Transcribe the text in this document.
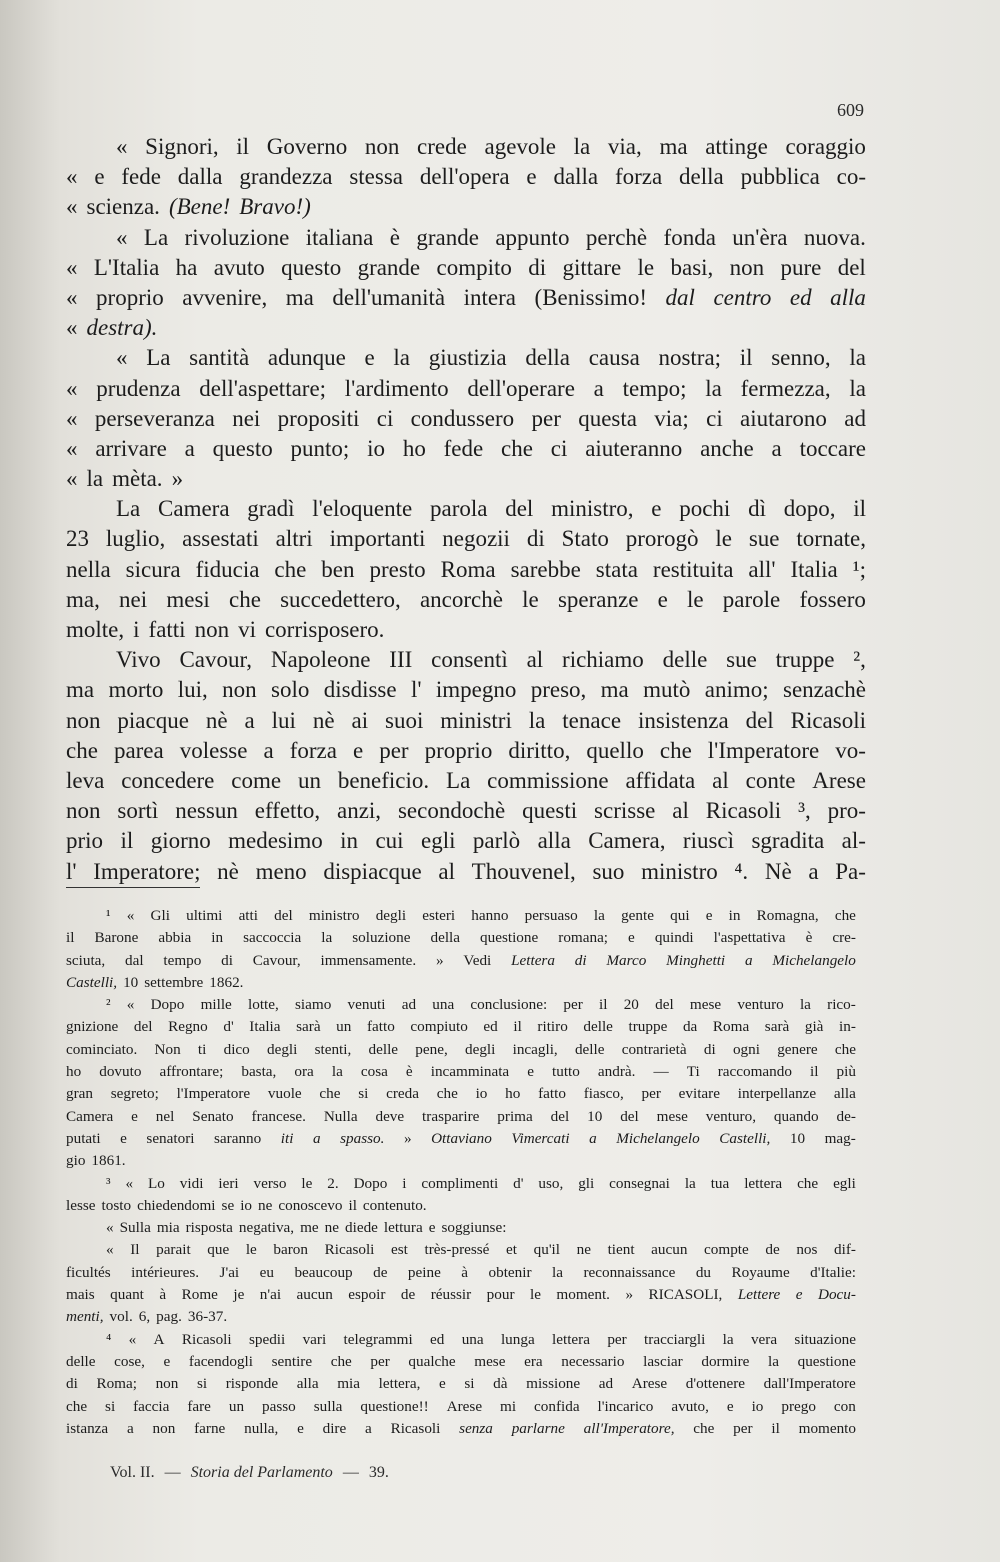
609
« Signori, il Governo non crede agevole la via, ma attinge coraggio
« e fede dalla grandezza stessa dell'opera e dalla forza della pubblica co-
« scienza. (Bene! Bravo!)
« La rivoluzione italiana è grande appunto perchè fonda un'èra nuova.
« L'Italia ha avuto questo grande compito di gittare le basi, non pure del
« proprio avvenire, ma dell'umanità intera (Benissimo! dal centro ed alla
« destra).
« La santità adunque e la giustizia della causa nostra; il senno, la
« prudenza dell'aspettare; l'ardimento dell'operare a tempo; la fermezza, la
« perseveranza nei propositi ci condussero per questa via; ci aiutarono ad
« arrivare a questo punto; io ho fede che ci aiuteranno anche a toccare
« la mèta. »
La Camera gradì l'eloquente parola del ministro, e pochi dì dopo, il
23 luglio, assestati altri importanti negozii di Stato prorogò le sue tornate,
nella sicura fiducia che ben presto Roma sarebbe stata restituita all' Italia ¹;
ma, nei mesi che succedettero, ancorchè le speranze e le parole fossero
molte, i fatti non vi corrisposero.
Vivo Cavour, Napoleone III consentì al richiamo delle sue truppe ²,
ma morto lui, non solo disdisse l' impegno preso, ma mutò animo; senzachè
non piacque nè a lui nè ai suoi ministri la tenace insistenza del Ricasoli
che parea volesse a forza e per proprio diritto, quello che l'Imperatore vo-
leva concedere come un beneficio. La commissione affidata al conte Arese
non sortì nessun effetto, anzi, secondochè questi scrisse al Ricasoli ³, pro-
prio il giorno medesimo in cui egli parlò alla Camera, riuscì sgradita al-
l' Imperatore; nè meno dispiacque al Thouvenel, suo ministro ⁴. Nè a Pa-
¹ « Gli ultimi atti del ministro degli esteri hanno persuaso la gente qui e in Romagna, che
il Barone abbia in saccoccia la soluzione della questione romana; e quindi l'aspettativa è cre-
sciuta, dal tempo di Cavour, immensamente. » Vedi Lettera di Marco Minghetti a Michelangelo
Castelli, 10 settembre 1862.
² « Dopo mille lotte, siamo venuti ad una conclusione: per il 20 del mese venturo la rico-
gnizione del Regno d' Italia sarà un fatto compiuto ed il ritiro delle truppe da Roma sarà già in-
cominciato. Non ti dico degli stenti, delle pene, degli incagli, delle contrarietà di ogni genere che
ho dovuto affrontare; basta, ora la cosa è incamminata e tutto andrà. — Ti raccomando il più
gran segreto; l'Imperatore vuole che si creda che io ho fatto fiasco, per evitare interpellanze alla
Camera e nel Senato francese. Nulla deve trasparire prima del 10 del mese venturo, quando de-
putati e senatori saranno iti a spasso. » Ottaviano Vimercati a Michelangelo Castelli, 10 mag-
gio 1861.
³ « Lo vidi ieri verso le 2. Dopo i complimenti d' uso, gli consegnai la tua lettera che egli
lesse tosto chiedendomi se io ne conoscevo il contenuto.
« Sulla mia risposta negativa, me ne diede lettura e soggiunse:
« Il parait que le baron Ricasoli est très-pressé et qu'il ne tient aucun compte de nos dif-
ficultés intérieures. J'ai eu beaucoup de peine à obtenir la reconnaissance du Royaume d'Italie:
mais quant à Rome je n'ai aucun espoir de réussir pour le moment. » RICASOLI, Lettere e Docu-
menti, vol. 6, pag. 36-37.
⁴ « A Ricasoli spedii vari telegrammi ed una lunga lettera per tracciargli la vera situazione
delle cose, e facendogli sentire che per qualche mese era necessario lasciar dormire la questione
di Roma; non si risponde alla mia lettera, e si dà missione ad Arese d'ottenere dall'Imperatore
che si faccia fare un passo sulla questione!! Arese mi confida l'incarico avuto, e io prego con
istanza a non farne nulla, e dire a Ricasoli senza parlarne all'Imperatore, che per il momento
Vol. II. — Storia del Parlamento — 39.
